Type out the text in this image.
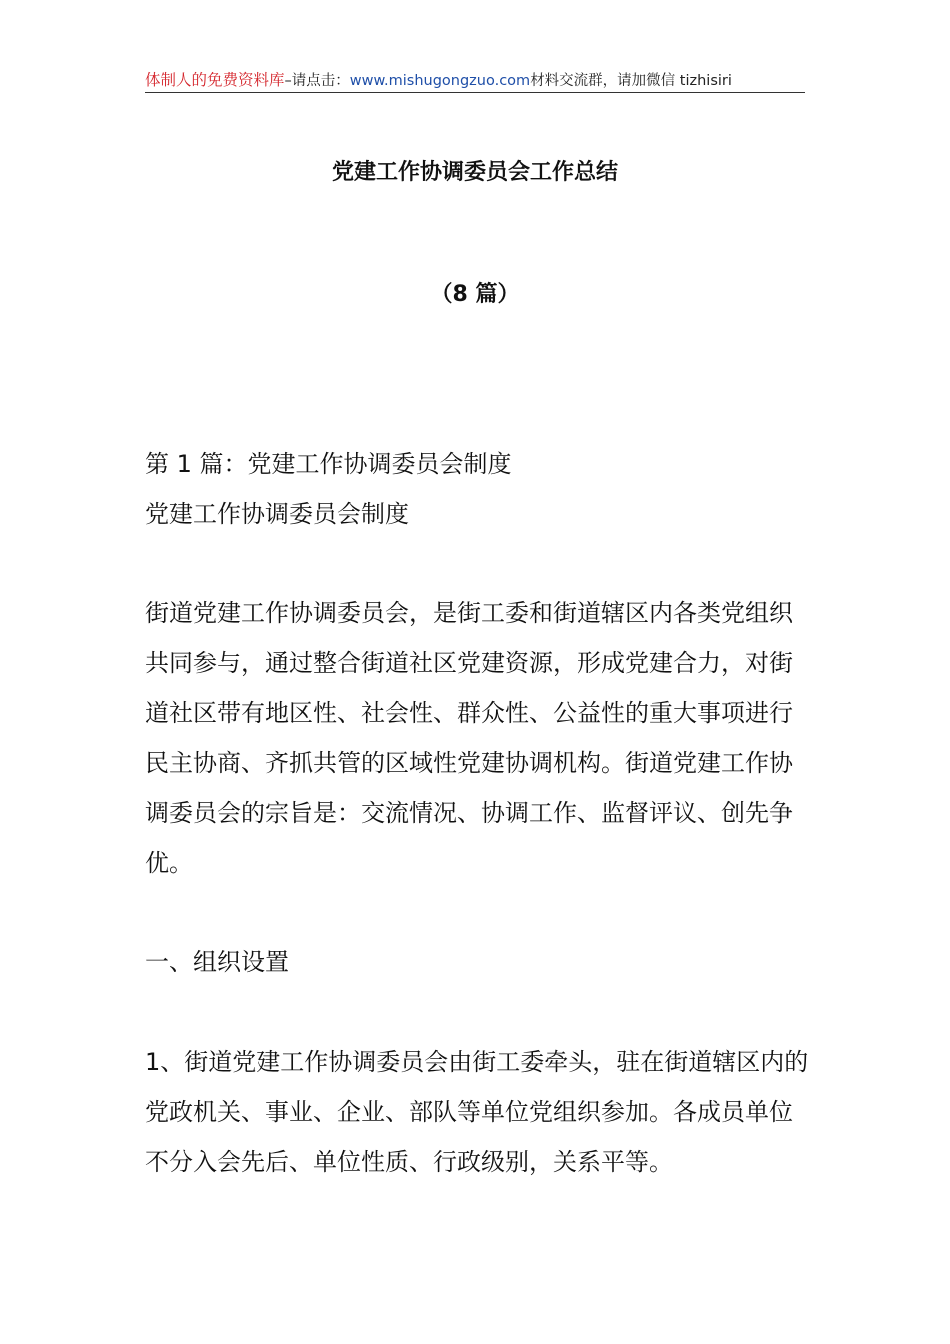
体制人的免费资料库–请点击：www.mishugongzuo.com材料交流群，请加微信 tizhisiri
党建工作协调委员会工作总结
（8 篇）
第 1 篇：党建工作协调委员会制度
党建工作协调委员会制度
街道党建工作协调委员会，是街工委和街道辖区内各类党组织
共同参与，通过整合街道社区党建资源，形成党建合力，对街
道社区带有地区性、社会性、群众性、公益性的重大事项进行
民主协商、齐抓共管的区域性党建协调机构。街道党建工作协
调委员会的宗旨是：交流情况、协调工作、监督评议、创先争
优。
一、组织设置
1、街道党建工作协调委员会由街工委牵头，驻在街道辖区内的
党政机关、事业、企业、部队等单位党组织参加。各成员单位
不分入会先后、单位性质、行政级别，关系平等。
